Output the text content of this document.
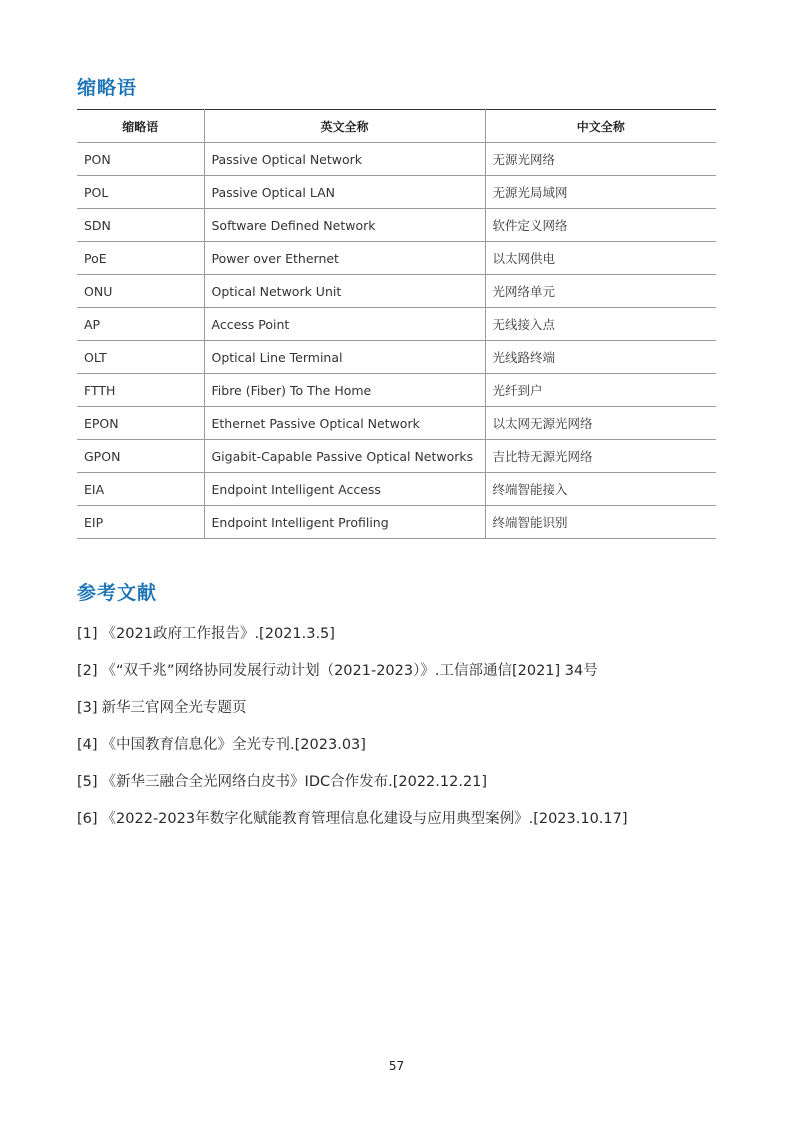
缩略语
缩略语	英文全称	中文全称
PON	Passive Optical Network	无源光网络
POL	Passive Optical LAN	无源光局域网
SDN	Software Defined Network	软件定义网络
PoE	Power over Ethernet	以太网供电
ONU	Optical Network Unit	光网络单元
AP	Access Point	无线接入点
OLT	Optical Line Terminal	光线路终端
FTTH	Fibre (Fiber) To The Home	光纤到户
EPON	Ethernet Passive Optical Network	以太网无源光网络
GPON	Gigabit-Capable Passive Optical Networks	吉比特无源光网络
EIA	Endpoint Intelligent Access	终端智能接入
EIP	Endpoint Intelligent Profiling	终端智能识别
参考文献
[1] 《2021政府工作报告》.[2021.3.5]
[2] 《“双千兆”网络协同发展行动计划（2021-2023）》.工信部通信[2021] 34号
[3] 新华三官网全光专题页
[4] 《中国教育信息化》全光专刊.[2023.03]
[5] 《新华三融合全光网络白皮书》IDC合作发布.[2022.12.21]
[6] 《2022-2023年数字化赋能教育管理信息化建设与应用典型案例》.[2023.10.17]
57
